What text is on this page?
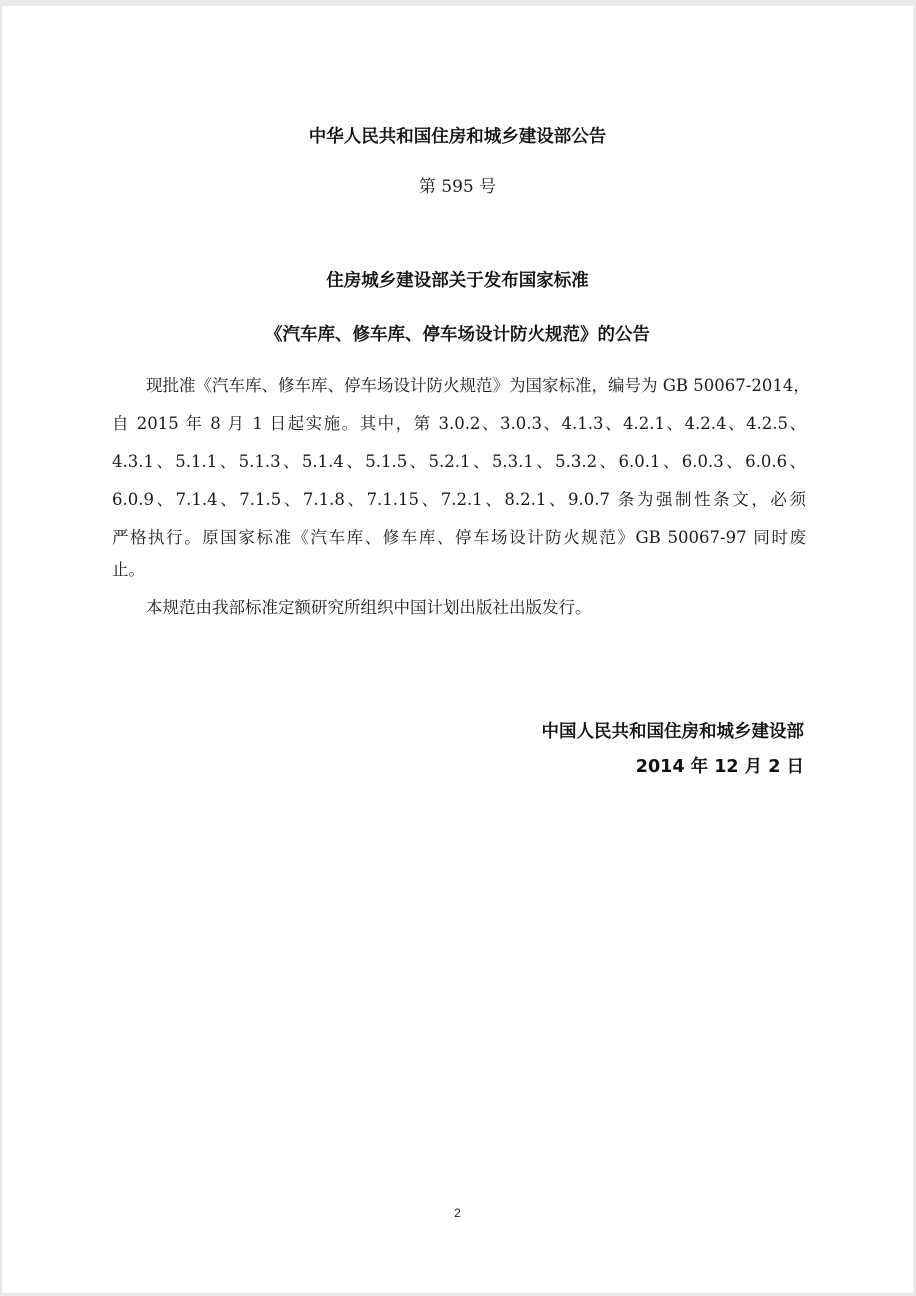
中华人民共和国住房和城乡建设部公告
第 595 号
住房城乡建设部关于发布国家标准
《汽车库、修车库、停车场设计防火规范》的公告
现批准《汽车库、修车库、停车场设计防火规范》为国家标准，编号为 GB 50067-2014，
自 2015 年 8 月 1 日起实施。其中，第 3.0.2、3.0.3、4.1.3、4.2.1、4.2.4、4.2.5、
4.3.1、5.1.1、5.1.3、5.1.4、5.1.5、5.2.1、5.3.1、5.3.2、6.0.1、6.0.3、6.0.6、
6.0.9、7.1.4、7.1.5、7.1.8、7.1.15、7.2.1、8.2.1、9.0.7 条为强制性条文，必须
严格执行。原国家标准《汽车库、修车库、停车场设计防火规范》GB 50067-97 同时废
止。
本规范由我部标准定额研究所组织中国计划出版社出版发行。
中国人民共和国住房和城乡建设部
2014 年 12 月 2 日
2
